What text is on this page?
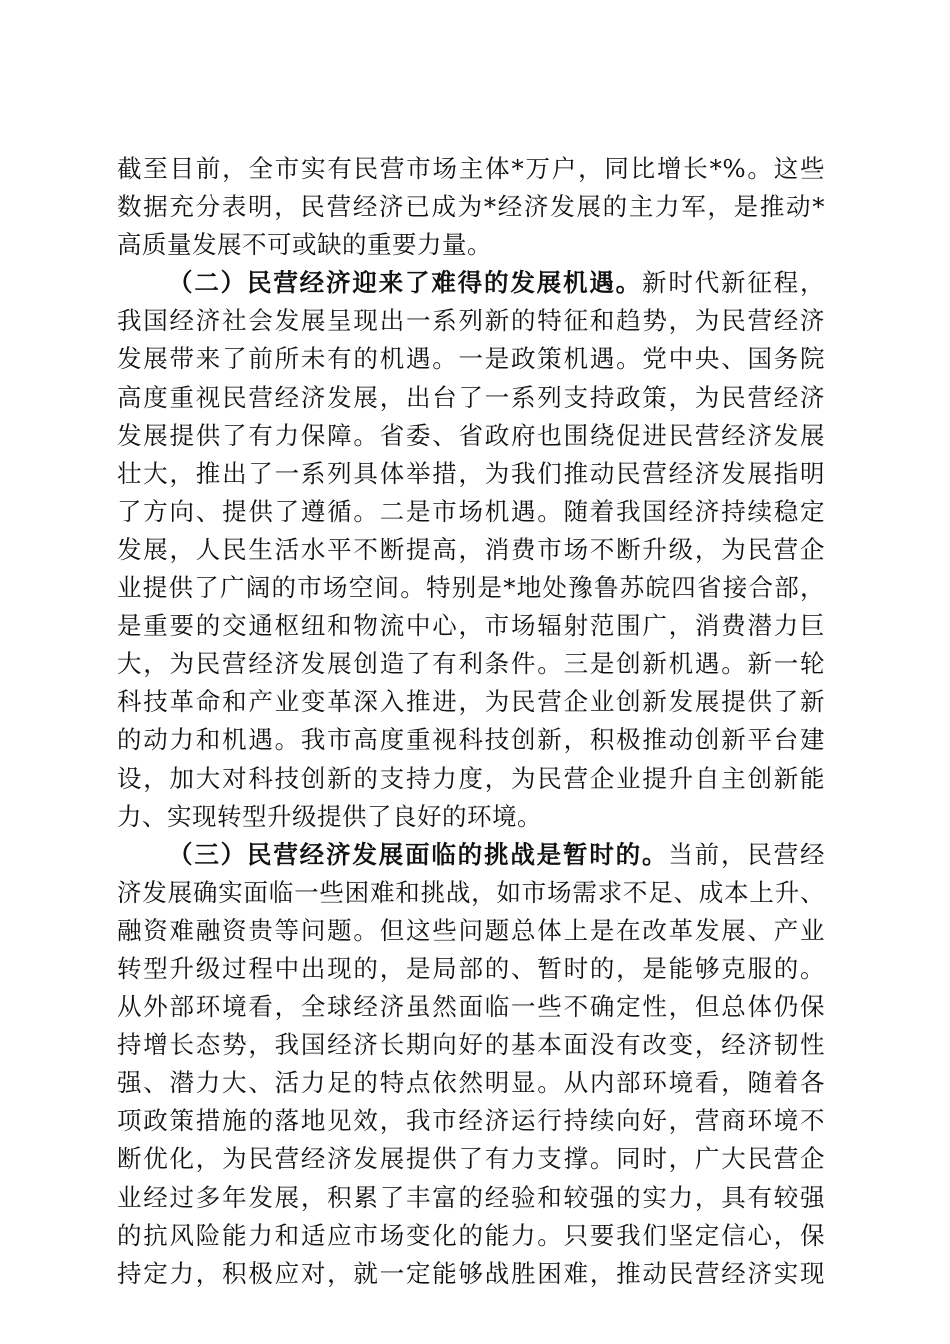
截至目前，全市实有民营市场主体*万户，同比增长*%。这些
数据充分表明，民营经济已成为*经济发展的主力军，是推动*
高质量发展不可或缺的重要力量。
（二）民营经济迎来了难得的发展机遇。新时代新征程，
我国经济社会发展呈现出一系列新的特征和趋势，为民营经济
发展带来了前所未有的机遇。一是政策机遇。党中央、国务院
高度重视民营经济发展，出台了一系列支持政策，为民营经济
发展提供了有力保障。省委、省政府也围绕促进民营经济发展
壮大，推出了一系列具体举措，为我们推动民营经济发展指明
了方向、提供了遵循。二是市场机遇。随着我国经济持续稳定
发展，人民生活水平不断提高，消费市场不断升级，为民营企
业提供了广阔的市场空间。特别是*地处豫鲁苏皖四省接合部，
是重要的交通枢纽和物流中心，市场辐射范围广，消费潜力巨
大，为民营经济发展创造了有利条件。三是创新机遇。新一轮
科技革命和产业变革深入推进，为民营企业创新发展提供了新
的动力和机遇。我市高度重视科技创新，积极推动创新平台建
设，加大对科技创新的支持力度，为民营企业提升自主创新能
力、实现转型升级提供了良好的环境。
（三）民营经济发展面临的挑战是暂时的。当前，民营经
济发展确实面临一些困难和挑战，如市场需求不足、成本上升、
融资难融资贵等问题。但这些问题总体上是在改革发展、产业
转型升级过程中出现的，是局部的、暂时的，是能够克服的。
从外部环境看，全球经济虽然面临一些不确定性，但总体仍保
持增长态势，我国经济长期向好的基本面没有改变，经济韧性
强、潜力大、活力足的特点依然明显。从内部环境看，随着各
项政策措施的落地见效，我市经济运行持续向好，营商环境不
断优化，为民营经济发展提供了有力支撑。同时，广大民营企
业经过多年发展，积累了丰富的经验和较强的实力，具有较强
的抗风险能力和适应市场变化的能力。只要我们坚定信心，保
持定力，积极应对，就一定能够战胜困难，推动民营经济实现
